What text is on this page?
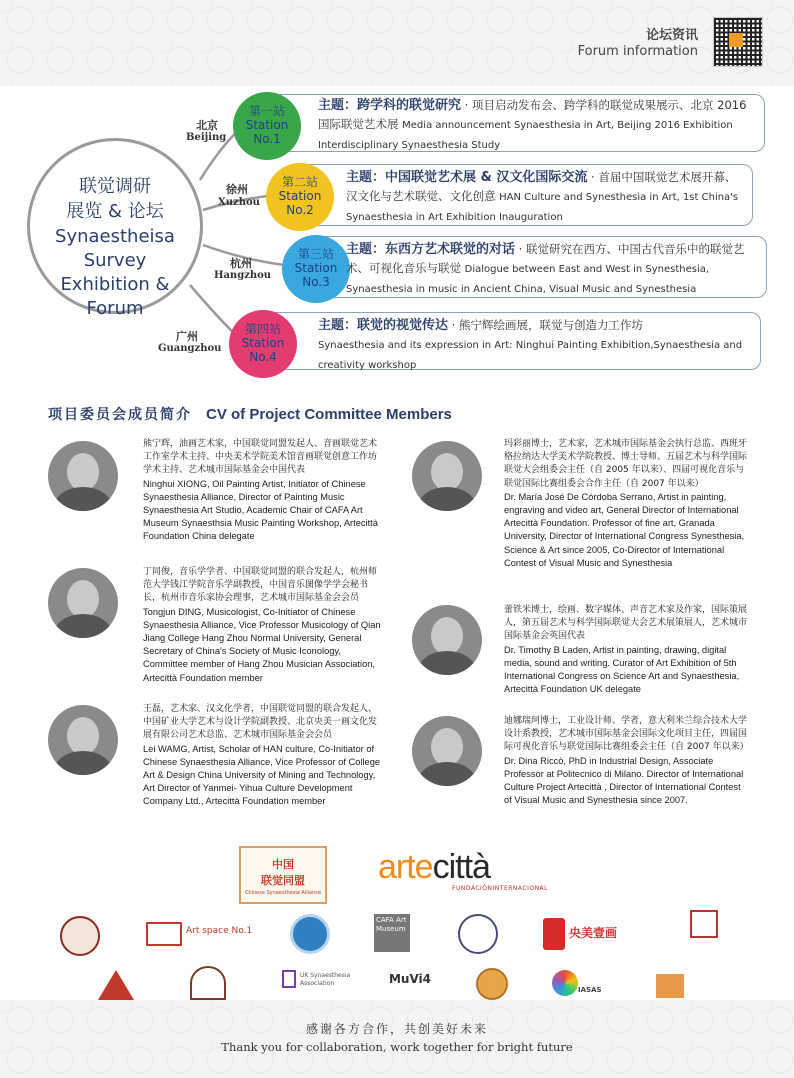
论坛资讯
Forum information
联觉调研
展览 & 论坛
Synaestheisa
Survey
Exhibition & Forum
北京
Beijing
第一站
Station
No.1
主题：跨学科的联觉研究 · 项目启动发布会、跨学科的联觉成果展示、北京 2016 国际联觉艺术展 Media announcement Synaesthesia in Art, Beijing 2016 Exhibition Interdisciplinary Synaesthesia Study
徐州
Xuzhou
第二站
Station
No.2
主题：中国联觉艺术展 & 汉文化国际交流 · 首届中国联觉艺术展开幕、汉文化与艺术联觉、文化创意 HAN Culture and Synesthesia in Art, 1st China's Synaesthesia in Art Exhibition Inauguration
杭州
Hangzhou
第三站
Station
No.3
主题：东西方艺术联觉的对话 · 联觉研究在西方、中国古代音乐中的联觉艺术、可视化音乐与联觉 Dialogue between East and West in Synesthesia, Synaesthesia in music in Ancient China, Visual Music and Synesthesia
广州
Guangzhou
第四站
Station
No.4
主题：联觉的视觉传达 · 熊宁辉绘画展，联觉与创造力工作坊
Synaesthesia and its expression in Art: Ninghui Painting Exhibition,Synaesthesia and creativity workshop
项目委员会成员简介 CV of Project Committee Members
熊宁辉，油画艺术家，中国联觉同盟发起人、音画联觉艺术工作室学术主持、中央美术学院美术馆音画联觉创意工作坊学术主持、艺术城市国际基金会中国代表
Ninghui XIONG, Oil Painting Artist, Initiator of Chinese Synaesthesia Alliance, Director of Painting Music Synaesthesia Art Studio, Academic Chair of CAFA Art Museum Synaesthsia Music Painting Workshop, Artecittà Foundation China delegate
丁同俊，音乐学学者、中国联觉同盟的联合发起人，杭州师范大学钱江学院音乐学副教授，中国音乐图像学学会秘书长，杭州市音乐家协会理事，艺术城市国际基金会会员
Tongjun DING, Musicologist, Co-Initiator of Chinese Synaesthesia Alliance, Vice Professor Musicology of Qian Jiang College Hang Zhou Normal University, General Secretary of China's Society of Music Iconology, Committee member of Hang Zhou Musician Association, Artecittà Foundation member
王磊，艺术家、汉文化学者，中国联觉同盟的联合发起人、中国矿业大学艺术与设计学院副教授、北京央美一画文化发展有限公司艺术总监、艺术城市国际基金会会员
Lei WAMG, Artist, Scholar of HAN culture, Co-Initiator of Chinese Synaesthesia Alliance, Vice Professor of College Art & Design China University of Mining and Technology, Art Director of Yanmei- Yihua Culture Development Company Ltd., Artecittà Foundation member
玛彩丽博士，艺术家，艺术城市国际基金会执行总监、西班牙格拉纳达大学美术学院教授、博士导师、五届艺术与科学国际联觉大会组委会主任（自 2005 年以来）、四届可视化音乐与联觉国际比赛组委会合作主任（自 2007 年以来）
Dr. María José De Córdoba Serrano, Artist in painting, engraving and video art, General Director of International Artecittà Foundation. Professor of fine art, Granada University, Director of International Congress Synesthesia, Science & Art since 2005, Co-Director of International Contest of Visual Music and Synesthesia
蕾铁米博士，绘画、数字媒体、声音艺术家及作家，国际策展人，第五届艺术与科学国际联觉大会艺术展策展人，艺术城市国际基金会英国代表
Dr. Timothy B Laden, Artist in painting, drawing, digital media, sound and writing. Curator of Art Exhibition of 5th International Congress on Science Art and Synaesthesia, Artecittà Foundation UK delegate
迪娜瑞珂博士，工业设计师、学者，意大利米兰综合技术大学设计系教授，艺术城市国际基金会国际文化项目主任，四届国际可视化音乐与联觉国际比赛组委会主任（自 2007 年以来）
Dr. Dina Riccò, PhD in Industrial Design, Associate Professor at Politecnico di Milano. Director of International Culture Project Artecittà , Director of International Contest of Visual Music and Synesthesia since 2007.
中国
联觉同盟
Chinese Synaesthesia Alliance
artecittà
FUNDACIÓNINTERNACIONAL
Art space No.1
CAFA Art Museum	央美壹画
UK Synaesthesia Association	MuVi4
IASAS
感谢各方合作，共创美好未来
Thank you for collaboration, work together for bright future
